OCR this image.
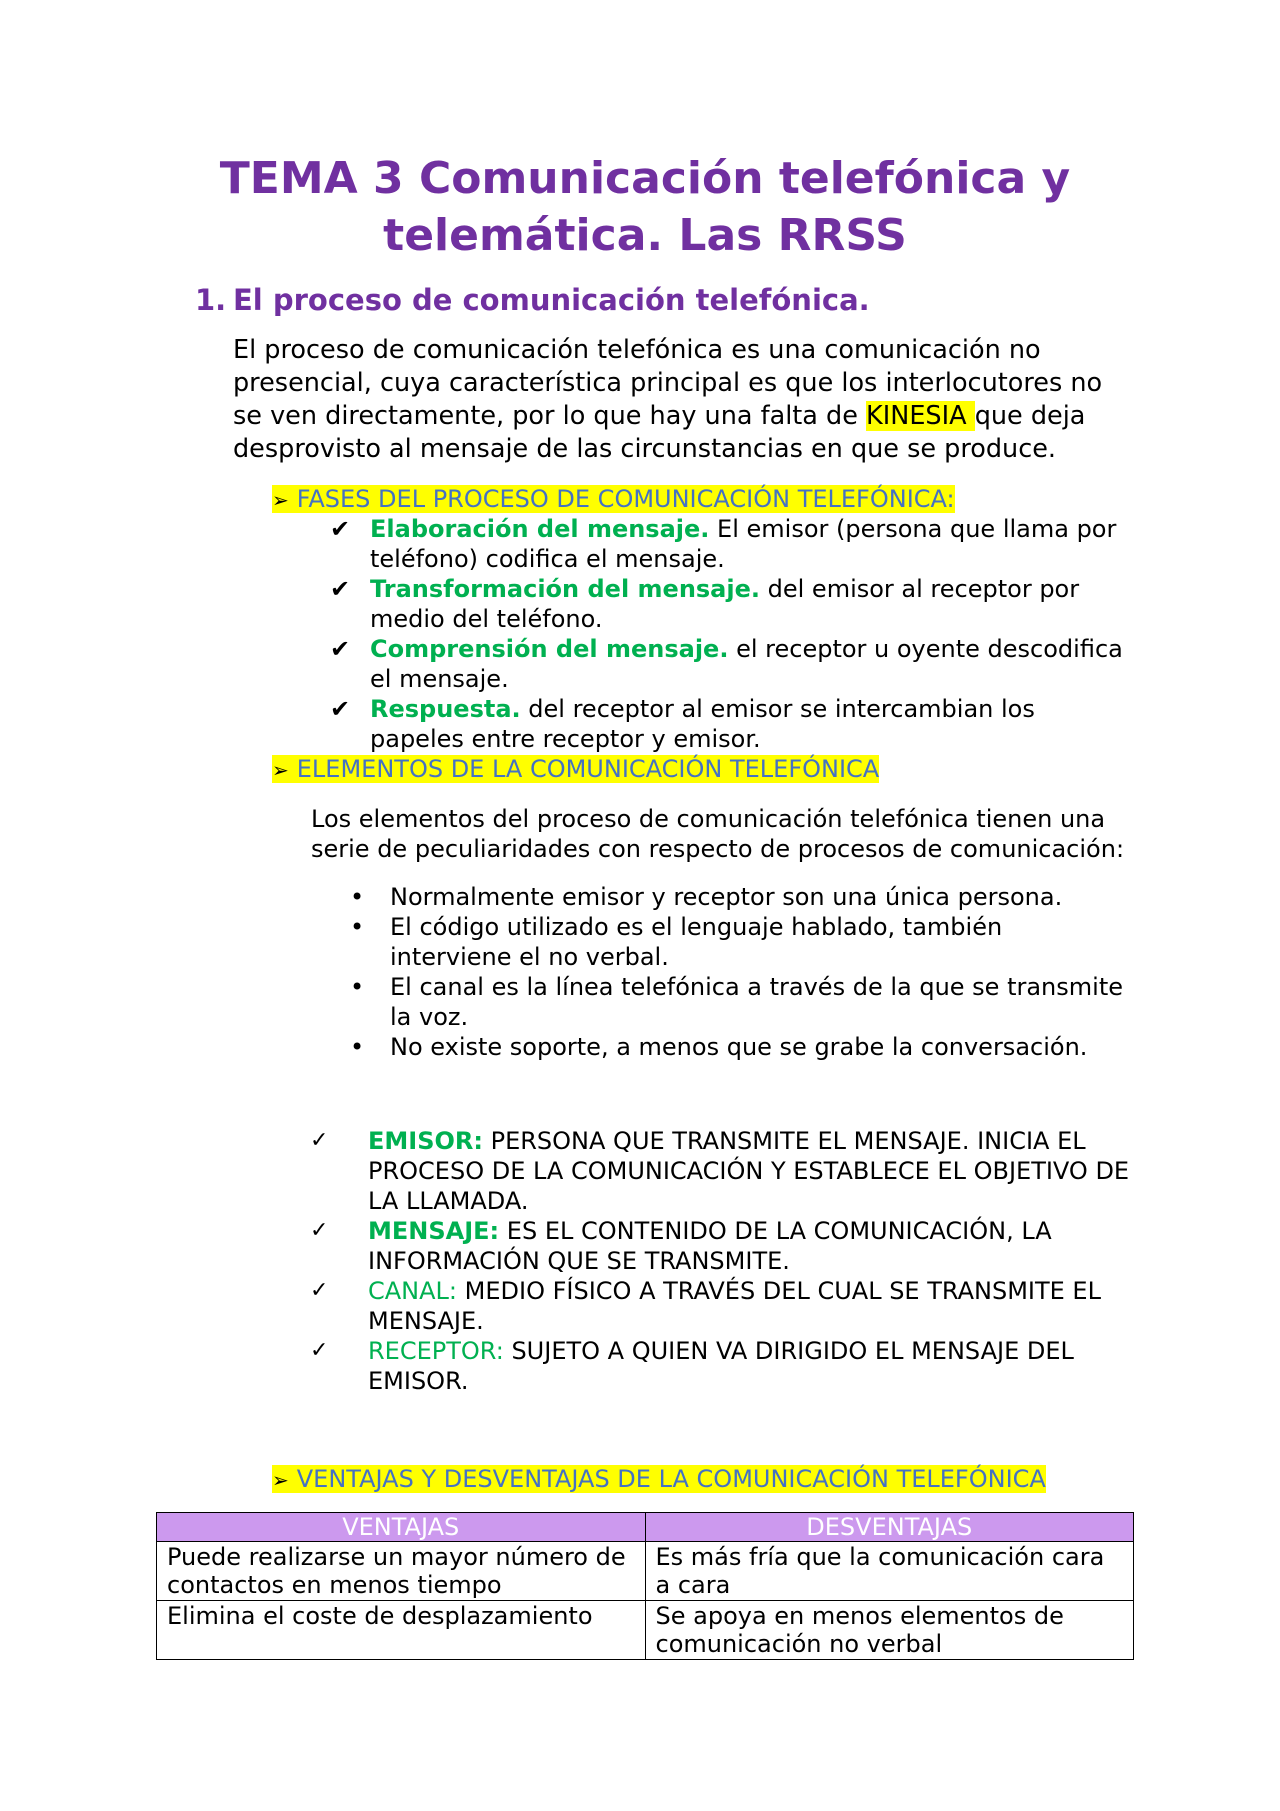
TEMA 3 Comunicación telefónica y
telemática. Las RRSS
1. El proceso de comunicación telefónica.

El proceso de comunicación telefónica es una comunicación no presencial, cuya característica principal es que los interlocutores no se ven directamente, por lo que hay una falta de KINESIA que deja desprovisto al mensaje de las circunstancias en que se produce.

➢ FASES DEL PROCESO DE COMUNICACIÓN TELEFÓNICA:
✔ Elaboración del mensaje. El emisor (persona que llama por teléfono) codifica el mensaje.
✔ Transformación del mensaje. del emisor al receptor por medio del teléfono.
✔ Comprensión del mensaje. el receptor u oyente descodifica el mensaje.
✔ Respuesta. del receptor al emisor se intercambian los papeles entre receptor y emisor.
➢ ELEMENTOS DE LA COMUNICACIÓN TELEFÓNICA

Los elementos del proceso de comunicación telefónica tienen una serie de peculiaridades con respecto de procesos de comunicación:

• Normalmente emisor y receptor son una única persona.
• El código utilizado es el lenguaje hablado, también interviene el no verbal.
• El canal es la línea telefónica a través de la que se transmite la voz.
• No existe soporte, a menos que se grabe la conversación.
✓ EMISOR: PERSONA QUE TRANSMITE EL MENSAJE. INICIA EL PROCESO DE LA COMUNICACIÓN Y ESTABLECE EL OBJETIVO DE LA LLAMADA.
✓ MENSAJE: ES EL CONTENIDO DE LA COMUNICACIÓN, LA INFORMACIÓN QUE SE TRANSMITE.
✓ CANAL: MEDIO FÍSICO A TRAVÉS DEL CUAL SE TRANSMITE EL MENSAJE.
✓ RECEPTOR: SUJETO A QUIEN VA DIRIGIDO EL MENSAJE DEL EMISOR.
➢ VENTAJAS Y DESVENTAJAS DE LA COMUNICACIÓN TELEFÓNICA
VENTAJAS	DESVENTAJAS
Puede realizarse un mayor número de contactos en menos tiempo	Es más fría que la comunicación cara a cara
Elimina el coste de desplazamiento	Se apoya en menos elementos de comunicación no verbal
